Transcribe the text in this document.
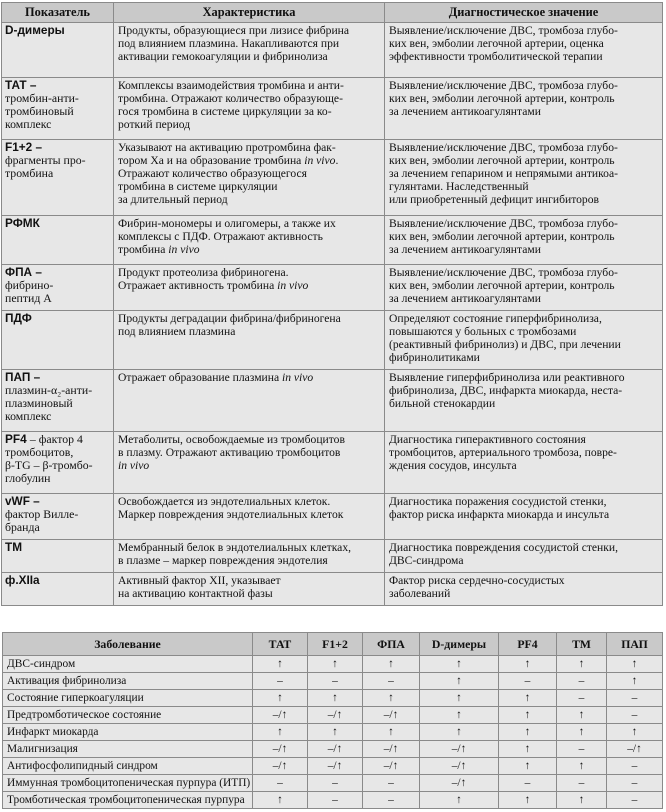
Показатель	Характеристика	Диагностическое значение

D-димеры	Продукты, образующиеся при лизисе фибрина
под влиянием плазмина. Накапливаются при
активации гемокоагуляции и фибринолиза	Выявление/исключение ДВС, тромбоза глубо-
ких вен, эмболии легочной артерии, оценка
эффективности тромболитической терапии

ТАТ –
тромбин-анти-
тромбиновый
комплекс	Комплексы взаимодействия тромбина и анти-
тромбина. Отражают количество образующе-
гося тромбина в системе циркуляции за ко-
роткий период	Выявление/исключение ДВС, тромбоза глубо-
ких вен, эмболии легочной артерии, контроль
за лечением антикоагулянтами

F1+2 –
фрагменты про-
тромбина	Указывают на активацию протромбина фак-
тором Xa и на образование тромбина in vivo.
Отражают количество образующегося
тромбина в системе циркуляции
за длительный период	Выявление/исключение ДВС, тромбоза глубо-
ких вен, эмболии легочной артерии, контроль
за лечением гепарином и непрямыми антикоа-
гулянтами. Наследственный
или приобретенный дефицит ингибиторов

РФМК	Фибрин-мономеры и олигомеры, а также их
комплексы с ПДФ. Отражают активность
тромбина in vivo	Выявление/исключение ДВС, тромбоза глубо-
ких вен, эмболии легочной артерии, контроль
за лечением антикоагулянтами

ФПА –
фибрино-
пептид А	Продукт протеолиза фибриногена.
Отражает активность тромбина in vivo	Выявление/исключение ДВС, тромбоза глубо-
ких вен, эмболии легочной артерии, контроль
за лечением антикоагулянтами

ПДФ	Продукты деградации фибрина/фибриногена
под влиянием плазмина	Определяют состояние гиперфибринолиза,
повышаются у больных с тромбозами
(реактивный фибринолиз) и ДВС, при лечении
фибринолитиками

ПАП –
плазмин-α₂-анти-
плазминовый
комплекс	Отражает образование плазмина in vivo	Выявление гиперфибринолиза или реактивного
фибринолиза, ДВС, инфаркта миокарда, неста-
бильной стенокардии

PF4 – фактор 4
тромбоцитов,
β-TG – β-тромбо-
глобулин	Метаболиты, освобождаемые из тромбоцитов
в плазму. Отражают активацию тромбоцитов
in vivo	Диагностика гиперактивного состояния
тромбоцитов, артериального тромбоза, повре-
ждения сосудов, инсульта

vWF –
фактор Вилле-
бранда	Освобождается из эндотелиальных клеток.
Маркер повреждения эндотелиальных клеток	Диагностика поражения сосудистой стенки,
фактор риска инфаркта миокарда и инсульта

ТМ	Мембранный белок в эндотелиальных клетках,
в плазме – маркер повреждения эндотелия	Диагностика повреждения сосудистой стенки,
ДВС-синдрома

ф.XIIa	Активный фактор XII, указывает
на активацию контактной фазы	Фактор риска сердечно-сосудистых
заболеваний
Заболевание	ТАТ	F1+2	ФПА	D-димеры	PF4	ТМ	ПАП
ДВС-синдром	↑	↑	↑	↑	↑	↑	↑
Активация фибринолиза	–	–	–	↑	–	–	↑
Состояние гиперкоагуляции	↑	↑	↑	↑	↑	–	–
Предтромботическое состояние	–/↑	–/↑	–/↑	↑	↑	↑	–
Инфаркт миокарда	↑	↑	↑	↑	↑	↑	↑
Малигнизация	–/↑	–/↑	–/↑	–/↑	↑	–	–/↑
Антифосфолипидный синдром	–/↑	–/↑	–/↑	–/↑	↑	↑	–
Иммунная тромбоцитопеническая пурпура (ИТП)	–	–	–	–/↑	–	–	–
Тромботическая тромбоцитопеническая пурпура	↑	–	–	↑	↑	↑	–
